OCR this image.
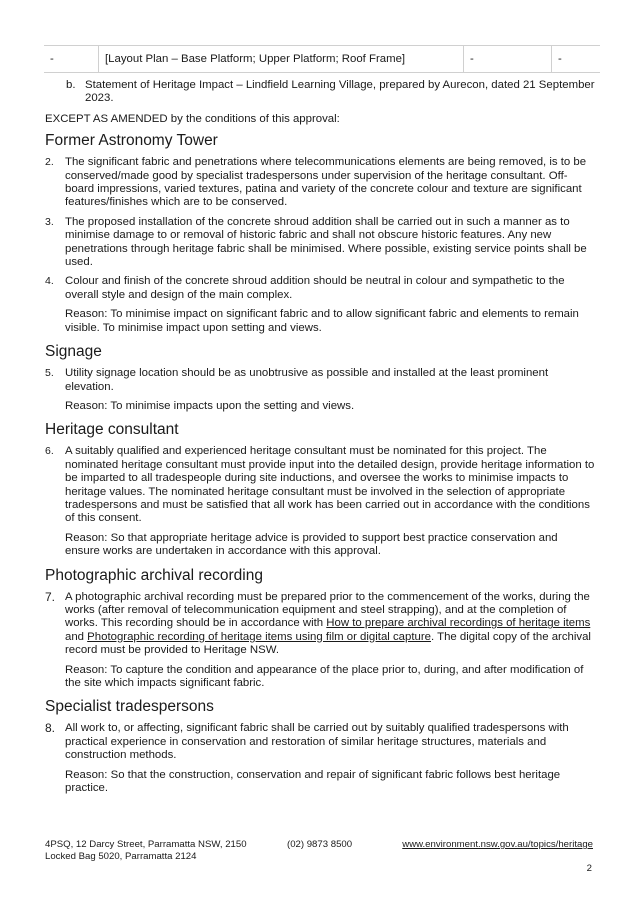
-	[Layout Plan – Base Platform; Upper Platform; Roof Frame]	-	-
b. Statement of Heritage Impact – Lindfield Learning Village, prepared by Aurecon, dated 21 September 2023.

EXCEPT AS AMENDED by the conditions of this approval:

Former Astronomy Tower
2. The significant fabric and penetrations where telecommunications elements are being removed, is to be conserved/made good by specialist tradespersons under supervision of the heritage consultant. Off-board impressions, varied textures, patina and variety of the concrete colour and texture are significant features/finishes which are to be conserved.
3. The proposed installation of the concrete shroud addition shall be carried out in such a manner as to minimise damage to or removal of historic fabric and shall not obscure historic features. Any new penetrations through heritage fabric shall be minimised. Where possible, existing service points shall be used.
4. Colour and finish of the concrete shroud addition should be neutral in colour and sympathetic to the overall style and design of the main complex.

Reason: To minimise impact on significant fabric and to allow significant fabric and elements to remain visible. To minimise impact upon setting and views.

Signage
5. Utility signage location should be as unobtrusive as possible and installed at the least prominent elevation.

Reason: To minimise impacts upon the setting and views.

Heritage consultant
6. A suitably qualified and experienced heritage consultant must be nominated for this project. The nominated heritage consultant must provide input into the detailed design, provide heritage information to be imparted to all tradespeople during site inductions, and oversee the works to minimise impacts to heritage values. The nominated heritage consultant must be involved in the selection of appropriate tradespersons and must be satisfied that all work has been carried out in accordance with the conditions of this consent.

Reason: So that appropriate heritage advice is provided to support best practice conservation and ensure works are undertaken in accordance with this approval.

Photographic archival recording
7. A photographic archival recording must be prepared prior to the commencement of the works, during the works (after removal of telecommunication equipment and steel strapping), and at the completion of works. This recording should be in accordance with How to prepare archival recordings of heritage items and Photographic recording of heritage items using film or digital capture. The digital copy of the archival record must be provided to Heritage NSW.

Reason: To capture the condition and appearance of the place prior to, during, and after modification of the site which impacts significant fabric.

Specialist tradespersons
8. All work to, or affecting, significant fabric shall be carried out by suitably qualified tradespersons with practical experience in conservation and restoration of similar heritage structures, materials and construction methods.

Reason: So that the construction, conservation and repair of significant fabric follows best heritage practice.

4PSQ, 12 Darcy Street, Parramatta NSW, 2150
Locked Bag 5020, Parramatta 2124
(02) 9873 8500	www.environment.nsw.gov.au/topics/heritage
2
